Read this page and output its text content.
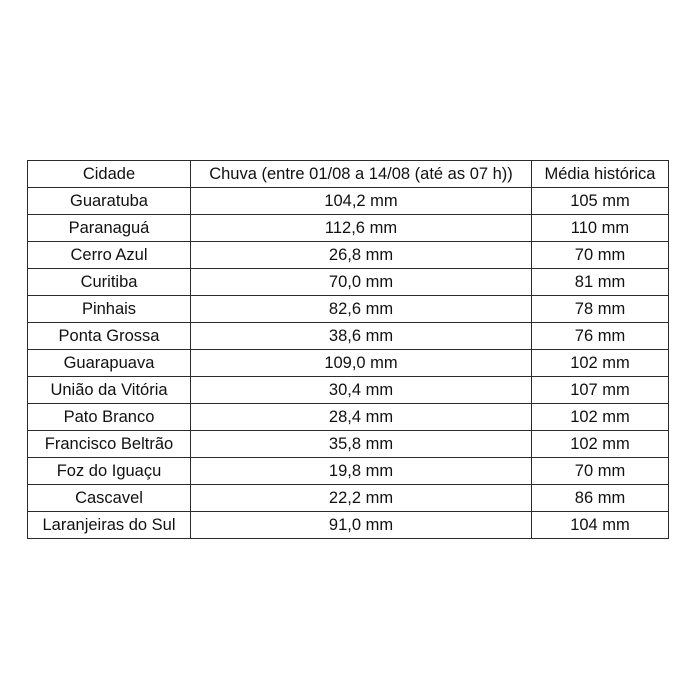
Cidade	Chuva (entre 01/08 a 14/08 (até as 07 h))	Média histórica
Guaratuba	104,2 mm	105 mm
Paranaguá	112,6 mm	110 mm
Cerro Azul	26,8 mm	70 mm
Curitiba	70,0 mm	81 mm
Pinhais	82,6 mm	78 mm
Ponta Grossa	38,6 mm	76 mm
Guarapuava	109,0 mm	102 mm
União da Vitória	30,4 mm	107 mm
Pato Branco	28,4 mm	102 mm
Francisco Beltrão	35,8 mm	102 mm
Foz do Iguaçu	19,8 mm	70 mm
Cascavel	22,2 mm	86 mm
Laranjeiras do Sul	91,0 mm	104 mm
